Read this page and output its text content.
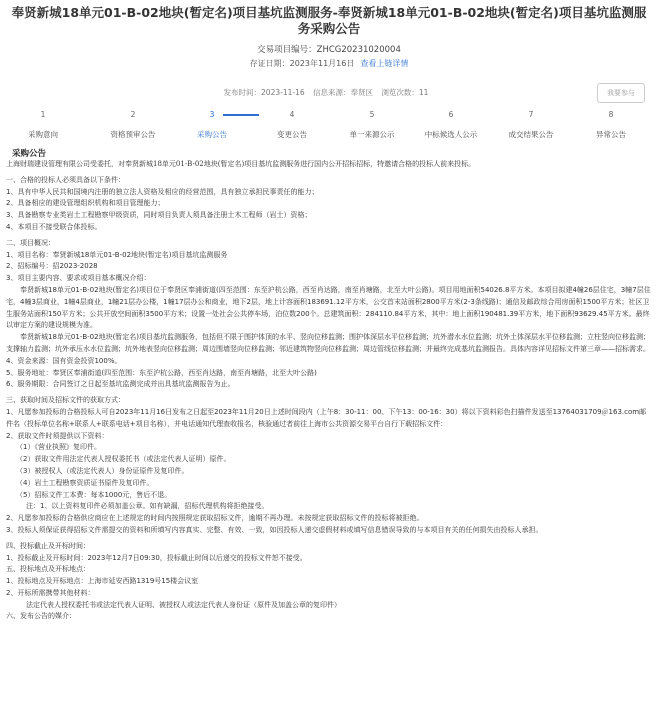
奉贤新城18单元01-B-02地块(暂定名)项目基坑监测服务-奉贤新城18单元01-B-02地块(暂定名)项目基坑监测服务采购公告
交易项目编号：ZHCG20231020004
存证日期：2023年11月16日 查看上链详情
发布时间：2023-11-16 信息来源：奉贤区 浏览次数：11	我要参与
1
采购意向
2
资格预审公告
3
采购公告
4
变更公告
5
单一来源公示
6
中标候选人公示
7
成交结果公告
8
异常公告
采购公告

上海财瑞建设管理有限公司受委托，对奉贤新城18单元01-B-02地块(暂定名)项目基坑监测服务进行国内公开招标招标，特邀请合格的投标人前来投标。

一、合格的投标人必须具备以下条件：

1、具有中华人民共和国境内注册的独立法人资格及相应的经营范围，具有独立承担民事责任的能力；

2、具备相应的建设管理组织机构和项目管理能力；

3、具备勘察专业类岩土工程勘察甲级资质，同时项目负责人须具备注册土木工程师（岩土）资格；

4、本项目不接受联合体投标。

二、项目概况：

1、项目名称：奉贤新城18单元01-B-02地块(暂定名)项目基坑监测服务

2、招标编号：招2023-2028

3、项目主要内容、要求或项目基本概况介绍：

奉贤新城18单元01-B-02地块(暂定名)项目位于奉贤区奉浦街道(四至范围：东至沪杭公路，西至肖达路，南至肖塘路，北至大叶公路)。项目用地面积54026.8平方米。本项目拟建4幢26层住宅，3幢7层住宅，4幢3层商业，1幢4层商业，1幢21层办公楼，1幢17层办公和商业，地下2层，地上计容面积183691.12平方米，公交首末站面积2800平方米(2-3条线路)；通信及邮政综合用房面积1500平方米；社区卫生服务站面积150平方米；公共开放空间面积3500平方米；设置一处社会公共停车场，泊位数200个。总建筑面积：284110.84平方米，其中：地上面积190481.39平方米，地下面积93629.45平方米。最终以审定方案的建设规模为准。

奉贤新城18单元01-B-02地块(暂定名)项目基坑监测服务，包括但不限于围护体顶的水平、竖向位移监测；围护体深层水平位移监测；坑外潜水水位监测；坑外土体深层水平位移监测；立柱竖向位移监测；支撑轴力监测；坑外承压水水位监测；坑外地表竖向位移监测；周边围墙竖向位移监测；邻近建筑物竖向位移监测；周边管线位移监测；并最终完成基坑监测报告。具体内容详见招标文件第三章——招标需求。

4、资金来源：国有资金投资100%。

5、服务地址：奉贤区奉浦街道(四至范围：东至沪杭公路，西至肖达路，南至肖塘路，北至大叶公路)

6、服务期限：合同签订之日起至基坑监测完成并出具基坑监测报告为止。

三、获取时间及招标文件的获取方式：

1、凡愿参加投标的合格投标人可自2023年11月16日发布之日起至2023年11月20日上述时间段内（上午8：30-11：00、下午13：00-16：30）将以下资料彩色扫描件发送至13764031709＠163.com邮件名（投标单位名称+联系人+联系电话+项目名称），并电话通知代理查收报名，核验通过者前往上海市公共资源交易平台自行下载招标文件：

2、获取文件时须提供以下资料：

（1）《营业执照》复印件。

（2）获取文件用法定代表人授权委托书（或法定代表人证明）原件。

（3）被授权人（或法定代表人）身份证原件及复印件。

（4）岩土工程勘察资质证书原件及复印件。

（5）招标文件工本费：每本1000元，售后不退。

注：1、以上资料复印件必须加盖公章。如有缺漏，招标代理机构将拒绝接受。

2、凡愿参加投标的合格供应商应在上述规定的时间内按照规定获取招标文件，逾期不再办理。未按规定获取招标文件的投标将被拒绝。

3、投标人须保证获得招标文件需提交的资料和所填写内容真实、完整、有效、一致，如因投标人递交虚假材料或填写信息错误导致的与本项目有关的任何损失由投标人承担。

四、投标截止及开标时间：

1、投标截止及开标时间：2023年12月7日09:30，投标截止时间以后递交的投标文件恕不接受。

五、投标地点及开标地点：

1、投标地点及开标地点：上海市延安西路1319号15楼会议室

2、开标所需携带其他材料：

法定代表人授权委托书或法定代表人证明、被授权人或法定代表人身份证（原件及加盖公章的复印件）

六、发布公告的媒介：
